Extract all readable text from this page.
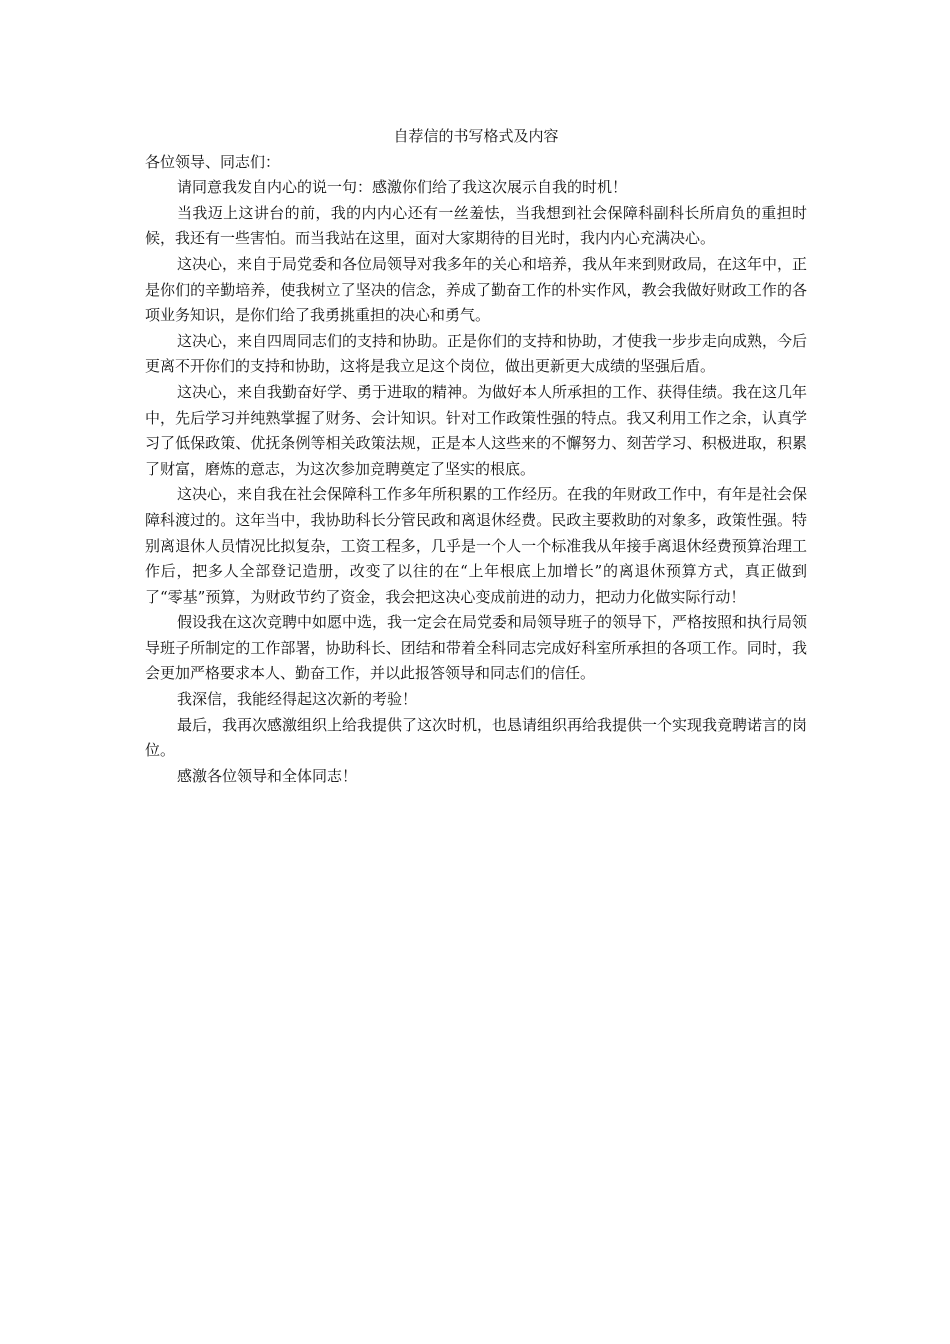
自荐信的书写格式及内容

各位领导、同志们：

请同意我发自内心的说一句：感激你们给了我这次展示自我的时机！

当我迈上这讲台的前，我的内内心还有一丝羞怯，当我想到社会保障科副科长所肩负的重担时候，我还有一些害怕。而当我站在这里，面对大家期待的目光时，我内内心充满决心。

这决心，来自于局党委和各位局领导对我多年的关心和培养，我从年来到财政局，在这年中，正是你们的辛勤培养，使我树立了坚决的信念，养成了勤奋工作的朴实作风，教会我做好财政工作的各项业务知识，是你们给了我勇挑重担的决心和勇气。

这决心，来自四周同志们的支持和协助。正是你们的支持和协助，才使我一步步走向成熟，今后更离不开你们的支持和协助，这将是我立足这个岗位，做出更新更大成绩的坚强后盾。

这决心，来自我勤奋好学、勇于进取的精神。为做好本人所承担的工作、获得佳绩。我在这几年中，先后学习并纯熟掌握了财务、会计知识。针对工作政策性强的特点。我又利用工作之余，认真学习了低保政策、优抚条例等相关政策法规，正是本人这些来的不懈努力、刻苦学习、积极进取，积累了财富，磨炼的意志，为这次参加竞聘奠定了坚实的根底。

这决心，来自我在社会保障科工作多年所积累的工作经历。在我的年财政工作中，有年是社会保障科渡过的。这年当中，我协助科长分管民政和离退休经费。民政主要救助的对象多，政策性强。特别离退休人员情况比拟复杂，工资工程多，几乎是一个人一个标准我从年接手离退休经费预算治理工作后，把多人全部登记造册，改变了以往的在“上年根底上加增长”的离退休预算方式，真正做到了“零基”预算，为财政节约了资金，我会把这决心变成前进的动力，把动力化做实际行动！

假设我在这次竞聘中如愿中选，我一定会在局党委和局领导班子的领导下，严格按照和执行局领导班子所制定的工作部署，协助科长、团结和带着全科同志完成好科室所承担的各项工作。同时，我会更加严格要求本人、勤奋工作，并以此报答领导和同志们的信任。

我深信，我能经得起这次新的考验！

最后，我再次感激组织上给我提供了这次时机，也恳请组织再给我提供一个实现我竟聘诺言的岗位。

感激各位领导和全体同志！
